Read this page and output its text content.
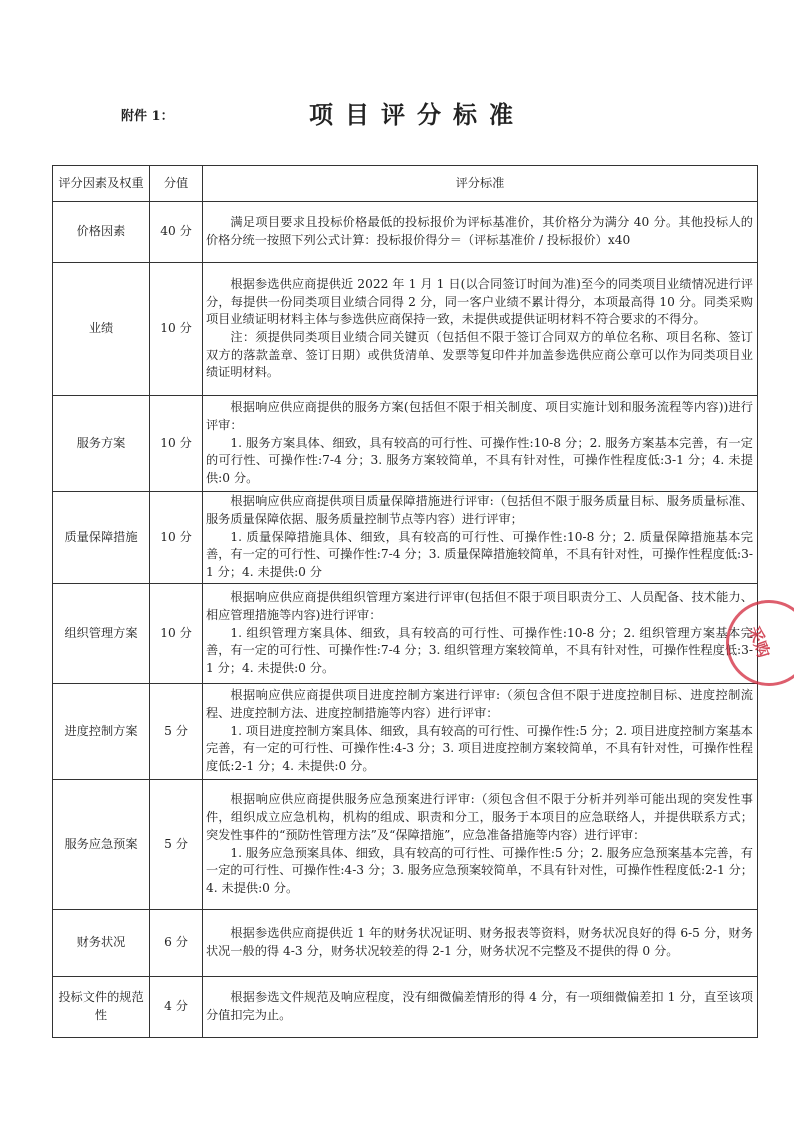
附件 1：	项目评分标准
评分因素及权重	分值	评分标准
价格因素	40 分	满足项目要求且投标价格最低的投标报价为评标基准价，其价格分为满分 40 分。其他投标人的价格分统一按照下列公式计算：投标报价得分＝（评标基准价 / 投标报价）x40

业绩	10 分	根据参选供应商提供近 2022 年 1 月 1 日(以合同签订时间为准)至今的同类项目业绩情况进行评分，每提供一份同类项目业绩合同得 2 分，同一客户业绩不累计得分，本项最高得 10 分。同类采购项目业绩证明材料主体与参选供应商保持一致，未提供或提供证明材料不符合要求的不得分。

注：须提供同类项目业绩合同关键页（包括但不限于签订合同双方的单位名称、项目名称、签订双方的落款盖章、签订日期）或供货清单、发票等复印件并加盖参选供应商公章可以作为同类项目业绩证明材料。

服务方案	10 分	根据响应供应商提供的服务方案(包括但不限于相关制度、项目实施计划和服务流程等内容))进行评审：

1. 服务方案具体、细致，具有较高的可行性、可操作性:10-8 分；2. 服务方案基本完善，有一定的可行性、可操作性:7-4 分；3. 服务方案较简单，不具有针对性，可操作性程度低:3-1 分；4. 未提供:0 分。

质量保障措施	10 分	根据响应供应商提供项目质量保障措施进行评审:（包括但不限于服务质量目标、服务质量标准、服务质量保障依据、服务质量控制节点等内容）进行评审；

1. 质量保障措施具体、细致，具有较高的可行性、可操作性:10-8 分；2. 质量保障措施基本完善，有一定的可行性、可操作性:7-4 分；3. 质量保障措施较简单，不具有针对性，可操作性程度低:3-1 分；4. 未提供:0 分

组织管理方案	10 分	根据响应供应商提供组织管理方案进行评审(包括但不限于项目职责分工、人员配备、技术能力、相应管理措施等内容)进行评审：

1. 组织管理方案具体、细致，具有较高的可行性、可操作性:10-8 分；2. 组织管理方案基本完善，有一定的可行性、可操作性:7-4 分；3. 组织管理方案较简单，不具有针对性，可操作性程度低:3-1 分；4. 未提供:0 分。

进度控制方案	5 分	根据响应供应商提供项目进度控制方案进行评审:（须包含但不限于进度控制目标、进度控制流程、进度控制方法、进度控制措施等内容）进行评审：

1. 项目进度控制方案具体、细致，具有较高的可行性、可操作性:5 分；2. 项目进度控制方案基本完善，有一定的可行性、可操作性:4-3 分；3. 项目进度控制方案较简单，不具有针对性，可操作性程度低:2-1 分；4. 未提供:0 分。

服务应急预案	5 分	根据响应供应商提供服务应急预案进行评审:（须包含但不限于分析并列举可能出现的突发性事件，组织成立应急机构，机构的组成、职责和分工，服务于本项目的应急联络人，并提供联系方式；突发性事件的“预防性管理方法”及“保障措施”，应急准备措施等内容）进行评审：

1. 服务应急预案具体、细致，具有较高的可行性、可操作性:5 分；2. 服务应急预案基本完善，有一定的可行性、可操作性:4-3 分；3. 服务应急预案较简单，不具有针对性，可操作性程度低:2-1 分；4. 未提供:0 分。

财务状况	6 分	根据参选供应商提供近 1 年的财务状况证明、财务报表等资料，财务状况良好的得 6-5 分，财务状况一般的得 4-3 分，财务状况较差的得 2-1 分，财务状况不完整及不提供的得 0 分。

投标文件的规范性	4 分	根据参选文件规范及响应程度，没有细微偏差情形的得 4 分，有一项细微偏差扣 1 分，直至该项分值扣完为止。

采购
